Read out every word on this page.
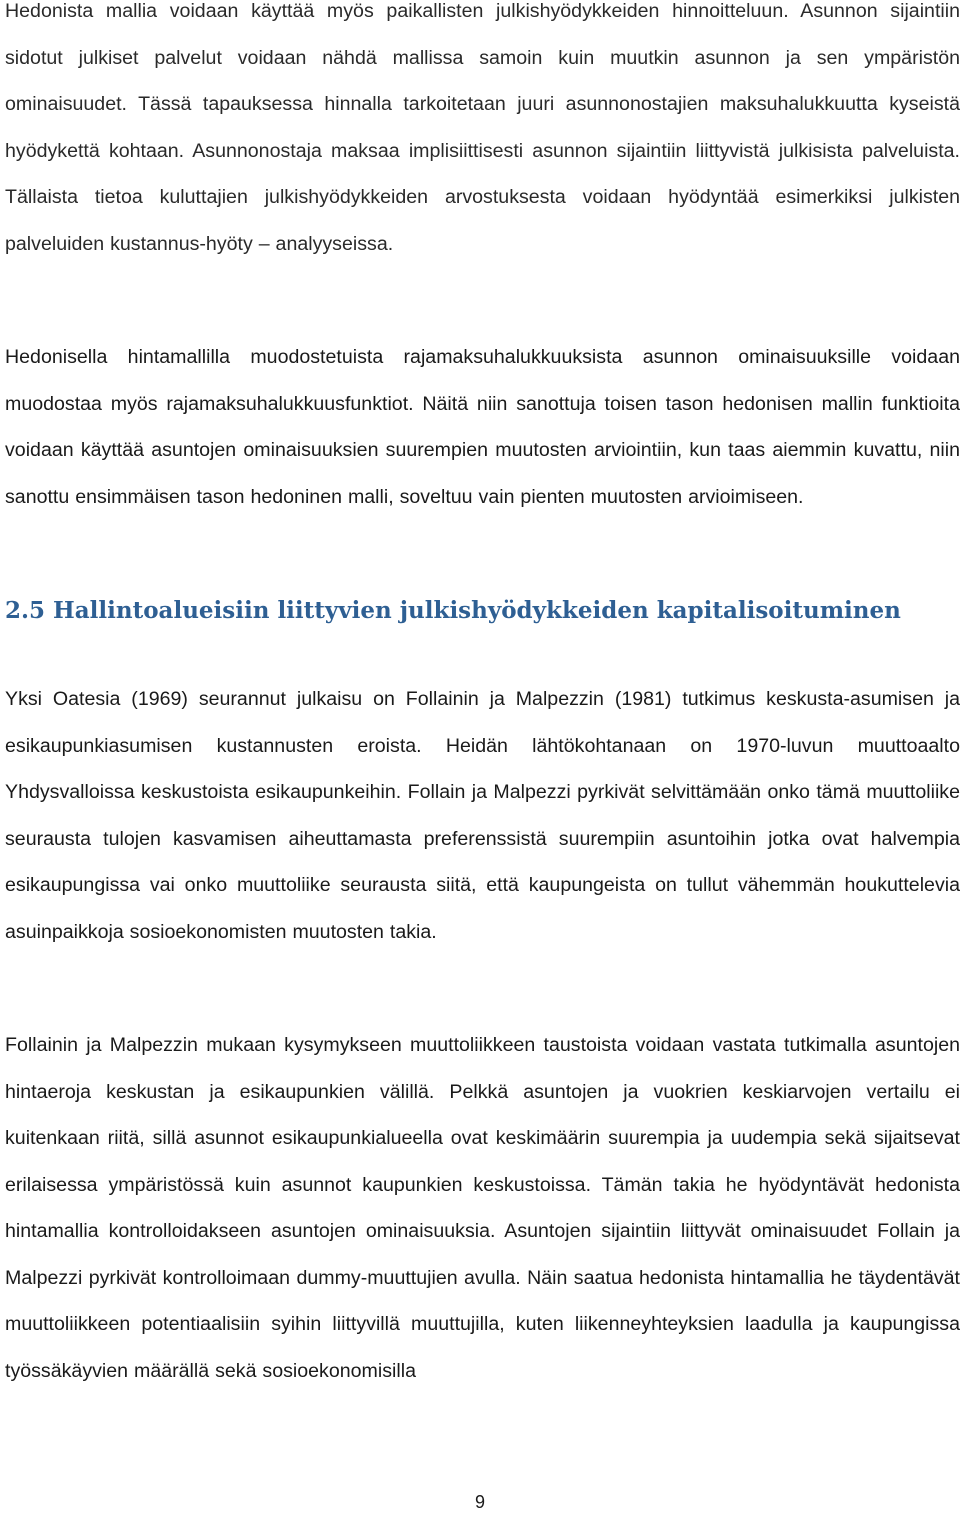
Hedonista mallia voidaan käyttää myös paikallisten julkishyödykkeiden hinnoitteluun. Asunnon sijaintiin sidotut julkiset palvelut voidaan nähdä mallissa samoin kuin muutkin asunnon ja sen ympäristön ominaisuudet. Tässä tapauksessa hinnalla tarkoitetaan juuri asunnonostajien maksuhalukkuutta kyseistä hyödykettä kohtaan. Asunnonostaja maksaa implisiittisesti asunnon sijaintiin liittyvistä julkisista palveluista. Tällaista tietoa kuluttajien julkishyödykkeiden arvostuksesta voidaan hyödyntää esimerkiksi julkisten palveluiden kustannus-hyöty – analyyseissa.

Hedonisella hintamallilla muodostetuista rajamaksuhalukkuuksista asunnon ominaisuuksille voidaan muodostaa myös rajamaksuhalukkuusfunktiot. Näitä niin sanottuja toisen tason hedonisen mallin funktioita voidaan käyttää asuntojen ominaisuuksien suurempien muutosten arviointiin, kun taas aiemmin kuvattu, niin sanottu ensimmäisen tason hedoninen malli, soveltuu vain pienten muutosten arvioimiseen.

2.5 Hallintoalueisiin liittyvien julkishyödykkeiden kapitalisoituminen

Yksi Oatesia (1969) seurannut julkaisu on Follainin ja Malpezzin (1981) tutkimus keskusta-asumisen ja esikaupunkiasumisen kustannusten eroista. Heidän lähtökohtanaan on 1970-luvun muuttoaalto Yhdysvalloissa keskustoista esikaupunkeihin. Follain ja Malpezzi pyrkivät selvittämään onko tämä muuttoliike seurausta tulojen kasvamisen aiheuttamasta preferenssistä suurempiin asuntoihin jotka ovat halvempia esikaupungissa vai onko muuttoliike seurausta siitä, että kaupungeista on tullut vähemmän houkuttelevia asuinpaikkoja sosioekonomisten muutosten takia.

Follainin ja Malpezzin mukaan kysymykseen muuttoliikkeen taustoista voidaan vastata tutkimalla asuntojen hintaeroja keskustan ja esikaupunkien välillä. Pelkkä asuntojen ja vuokrien keskiarvojen vertailu ei kuitenkaan riitä, sillä asunnot esikaupunkialueella ovat keskimäärin suurempia ja uudempia sekä sijaitsevat erilaisessa ympäristössä kuin asunnot kaupunkien keskustoissa. Tämän takia he hyödyntävät hedonista hintamallia kontrolloidakseen asuntojen ominaisuuksia. Asuntojen sijaintiin liittyvät ominaisuudet Follain ja Malpezzi pyrkivät kontrolloimaan dummy-muuttujien avulla. Näin saatua hedonista hintamallia he täydentävät muuttoliikkeen potentiaalisiin syihin liittyvillä muuttujilla, kuten liikenneyhteyksien laadulla ja kaupungissa työssäkäyvien määrällä sekä sosioekonomisilla

9
